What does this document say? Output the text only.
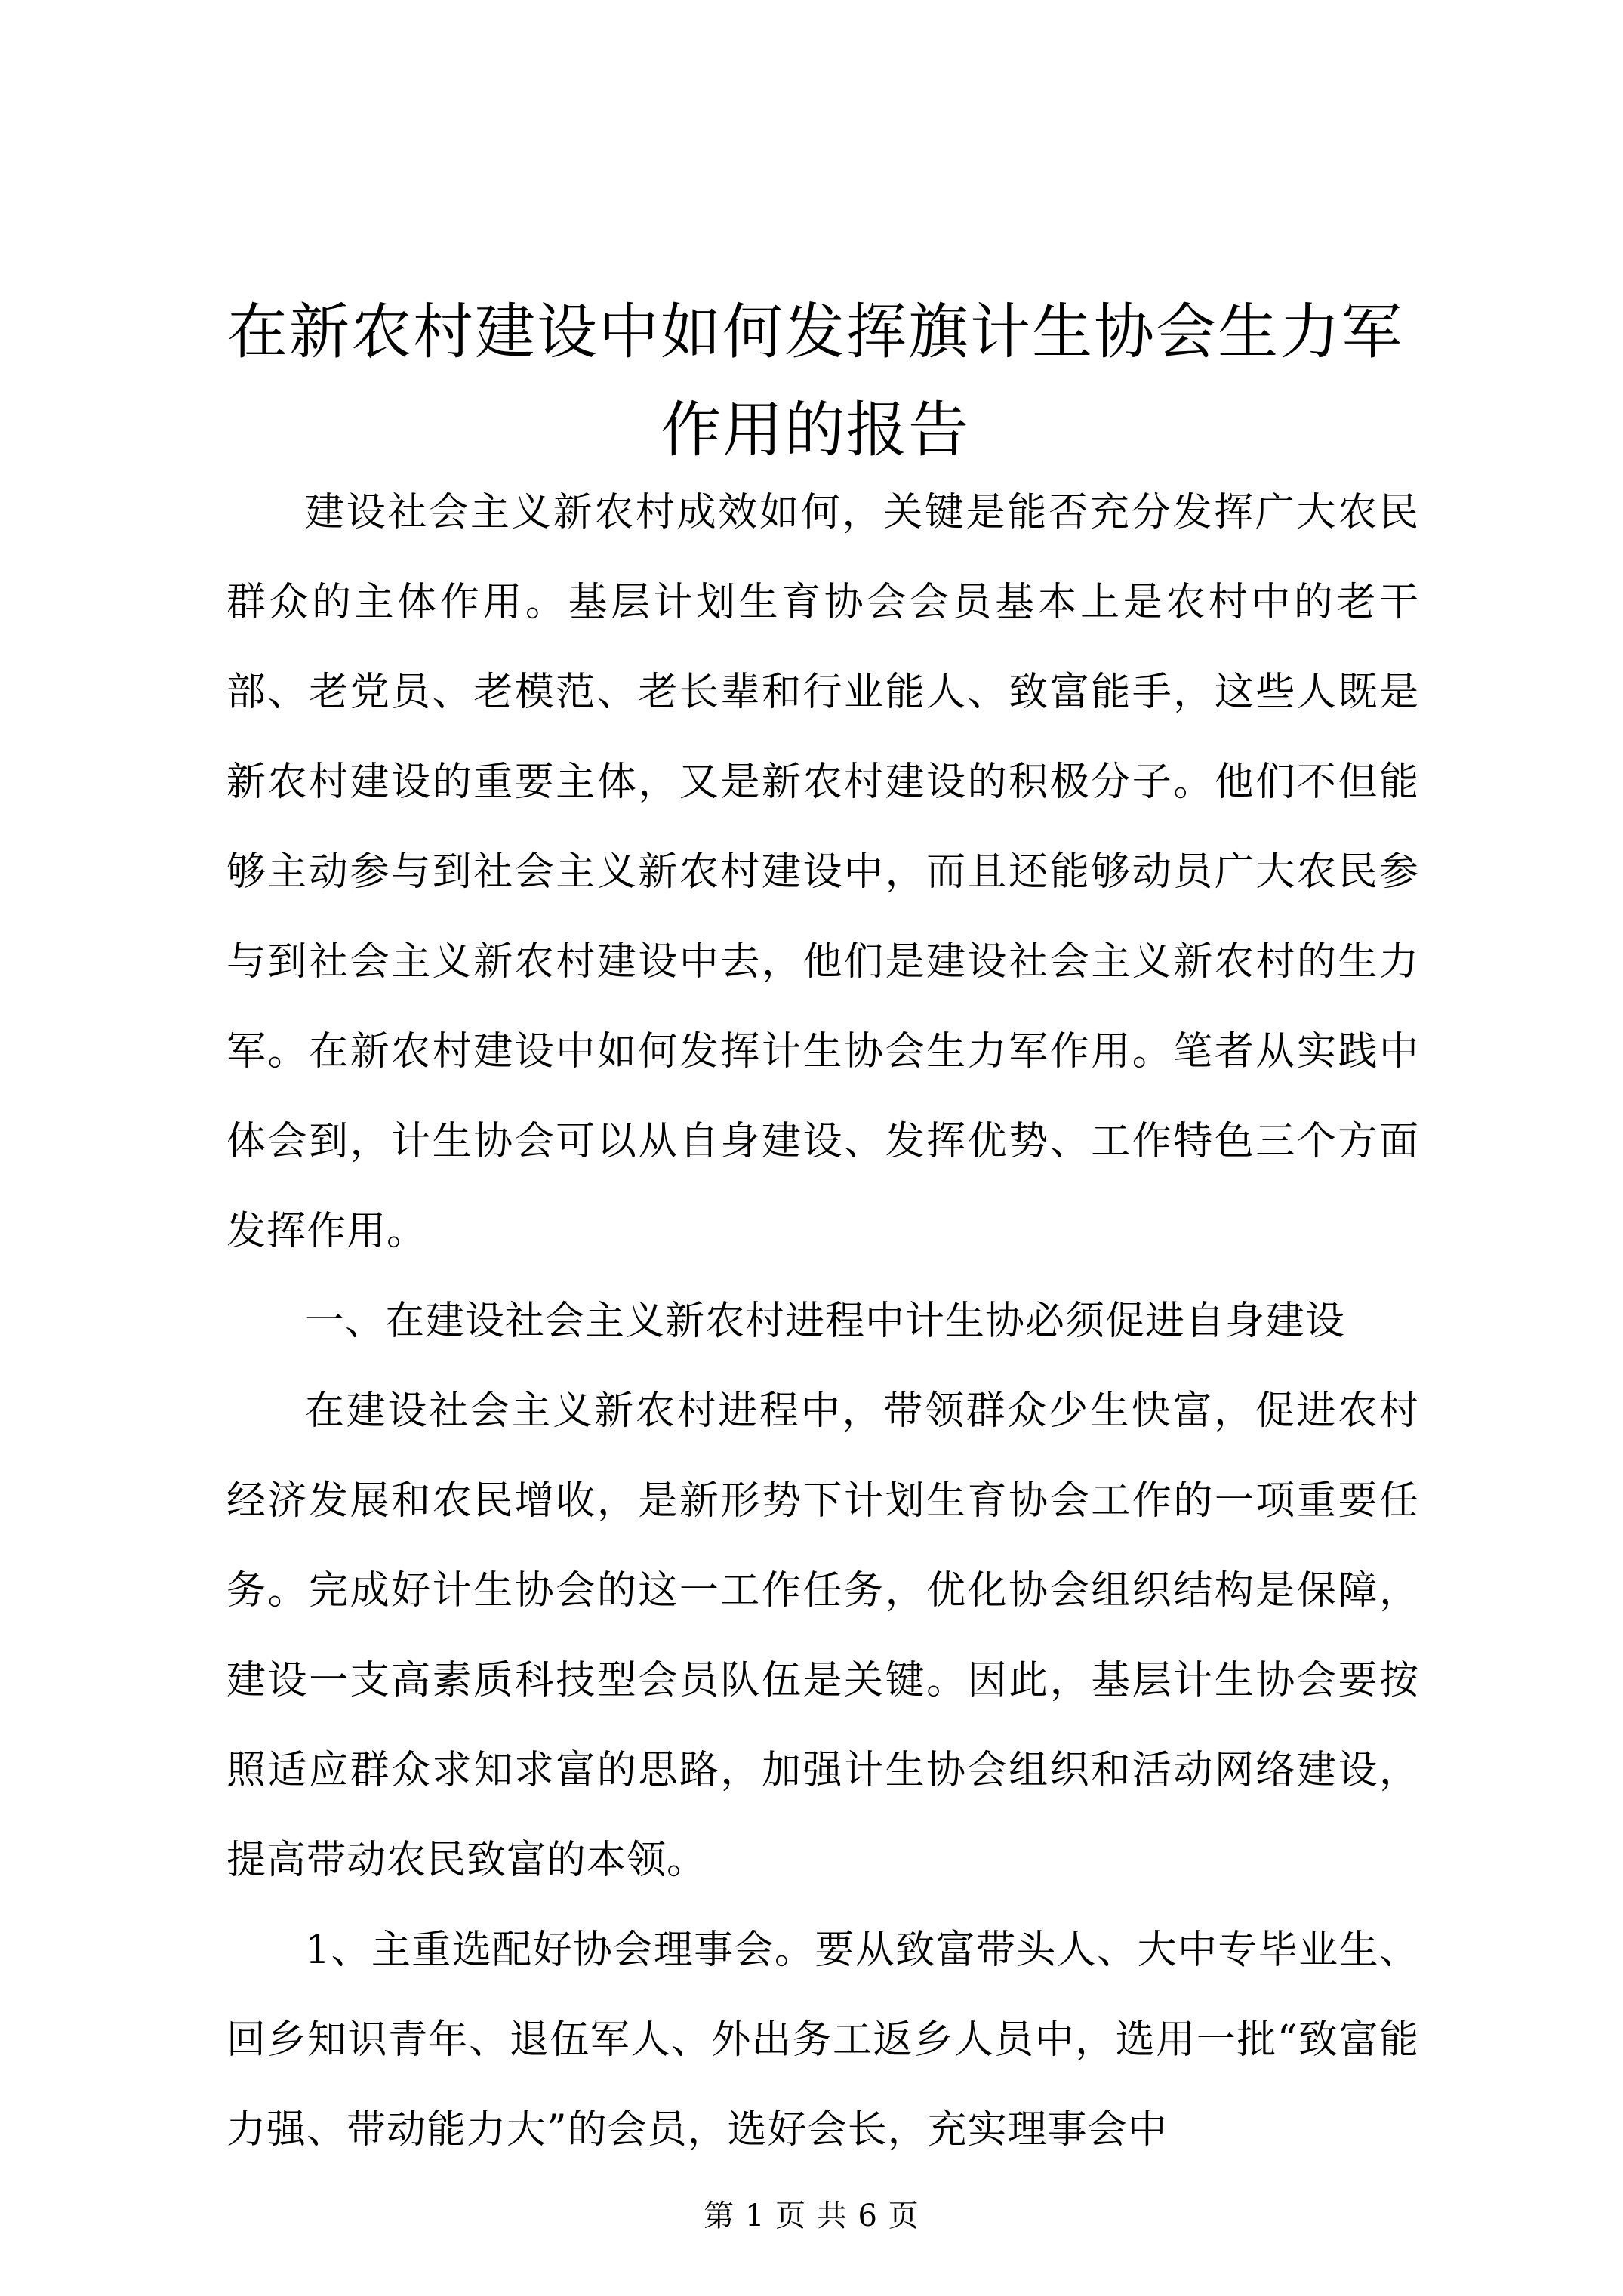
在新农村建设中如何发挥旗计生协会生力军作用的报告

建设社会主义新农村成效如何，关键是能否充分发挥广大农民群众的主体作用。基层计划生育协会会员基本上是农村中的老干部、老党员、老模范、老长辈和行业能人、致富能手，这些人既是新农村建设的重要主体，又是新农村建设的积极分子。他们不但能够主动参与到社会主义新农村建设中，而且还能够动员广大农民参与到社会主义新农村建设中去，他们是建设社会主义新农村的生力军。在新农村建设中如何发挥计生协会生力军作用。笔者从实践中体会到，计生协会可以从自身建设、发挥优势、工作特色三个方面发挥作用。

一、在建设社会主义新农村进程中计生协必须促进自身建设

在建设社会主义新农村进程中，带领群众少生快富，促进农村经济发展和农民增收，是新形势下计划生育协会工作的一项重要任务。完成好计生协会的这一工作任务，优化协会组织结构是保障，建设一支高素质科技型会员队伍是关键。因此，基层计生协会要按照适应群众求知求富的思路，加强计生协会组织和活动网络建设，提高带动农民致富的本领。

1、主重选配好协会理事会。要从致富带头人、大中专毕业生、回乡知识青年、退伍军人、外出务工返乡人员中，选用一批“致富能力强、带动能力大”的会员，选好会长，充实理事会中

第 1 页 共 6 页
